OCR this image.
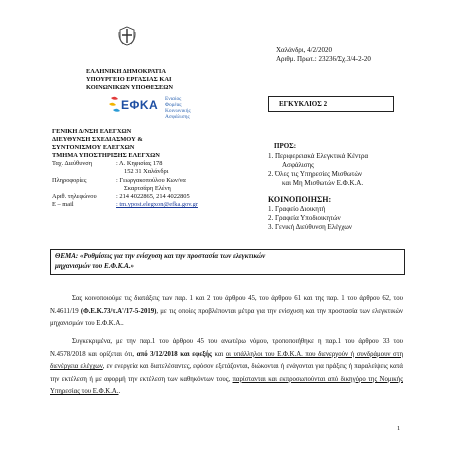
ΕΛΛΗΝΙΚΗ ΔΗΜΟΚΡΑΤΙΑ
ΥΠΟΥΡΓΕΙΟ ΕΡΓΑΣΙΑΣ ΚΑΙ
ΚΟΙΝΩΝΙΚΩΝ ΥΠΟΘΕΣΕΩΝ
ΕΦΚΑ Ενιαίος
Φορέας
Κοινωνικής
Ασφάλισης
ΓΕΝΙΚΗ Δ/ΝΣΗ ΕΛΕΓΧΩΝ
ΔΙΕΥΘΥΝΣΗ ΣΧΕΔΙΑΣΜΟΥ &
ΣΥΝΤΟΝΙΣΜΟΥ ΕΛΕΓΧΩΝ
ΤΜΗΜΑ ΥΠΟΣΤΗΡΙΞΗΣ ΕΛΕΓΧΩΝ
Ταχ. Διεύθυνση	: Λ. Κηφισίας 178
152 31 Χαλάνδρι
Πληροφορίες	: Γεωργακοπούλου Κων/να
Σκαρτσάρη Ελένη
Αριθ. τηλεφώνου	: 214 4022865, 214 4022805
E – mail	: tm.ypost.elegxon@efka.gov.gr
Χαλάνδρι, 4/2/2020
Αριθμ. Πρωτ.: 23236/Σχ.3/4-2-20
ΕΓΚΥΚΛΙΟΣ 2
ΠΡΟΣ:
1. Περιφερειακά Ελεγκτικά Κέντρα
Ασφάλισης
2. Όλες τις Υπηρεσίες Μισθωτών
και Μη Μισθωτών Ε.Φ.Κ.Α.
ΚΟΙΝΟΠΟΙΗΣΗ:
1. Γραφείο Διοικητή
2. Γραφεία Υποδιοικητών
3. Γενική Διεύθυνση Ελέγχων
ΘΕΜΑ: «Ρυθμίσεις για την ενίσχυση και την προστασία των ελεγκτικών
μηχανισμών του Ε.Φ.Κ.Α.»
Σας κοινοποιούμε τις διατάξεις των παρ. 1 και 2 του άρθρου 45, του άρθρου 61 και της παρ. 1 του άρθρου 62, του Ν.4611/19 (Φ.Ε.Κ.73/τ.Α'/17-5-2019), με τις οποίες προβλέπονται μέτρα για την ενίσχυση και την προστασία των ελεγκτικών μηχανισμών του Ε.Φ.Κ.Α..
Συγκεκριμένα, με την παρ.1 του άρθρου 45 του ανωτέρω νόμου, τροποποιήθηκε η παρ.1 του άρθρου 33 του Ν.4578/2018 και ορίζεται ότι, από 3/12/2018 και εφεξής και οι υπάλληλοι του Ε.Φ.Κ.Α. που διενεργούν ή συνδράμουν στη διενέργεια ελέγχων, εν ενεργεία και διατελέσαντες, εφόσον εξετάζονται, διώκονται ή ενάγονται για πράξεις ή παραλείψεις κατά την εκτέλεση ή με αφορμή την εκτέλεση των καθηκόντων τους, παρίστανται και εκπροσωπούνται από δικηγόρο της Νομικής Υπηρεσίας του Ε.Φ.Κ.Α..
1
